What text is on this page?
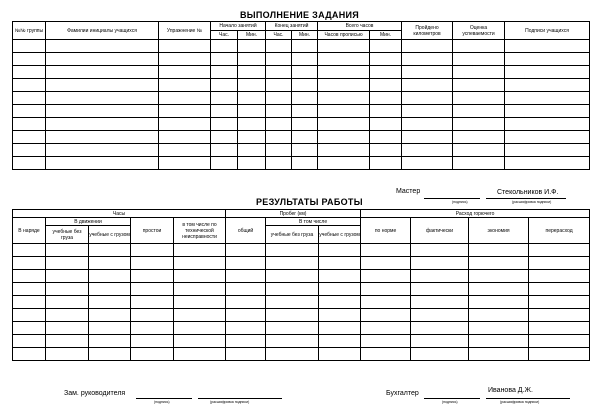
ВЫПОЛНЕНИЕ ЗАДАНИЯ
№№ группы	Фамилии инициалы учащихся	Упражнение №	Начало занятий		Конец занятий		Всего часов		Пройдено километров	Оценка успеваемости	Подписи учащихся
			Час.	Мин.	Час.	Мин.	Часов прописью	Мин.			

Мастер	Стекольников И.Ф.
(подпись)	(расшифровка подписи)
РЕЗУЛЬТАТЫ РАБОТЫ
Часы					Пробег (км)			Расход горючего			
В наряде	В движении		простои	в том числе по технической неисправности	общий	В том числе		по норме	фактически	экономия	перерасход
	учебные без груза	учебные с грузом				учебные без груза	учебные с грузом				

Зам. руководителя
(подпись)	(расшифровка подписи)
Бухгалтер	Иванова Д.Ж.
(подпись)	(расшифровка подписи)
